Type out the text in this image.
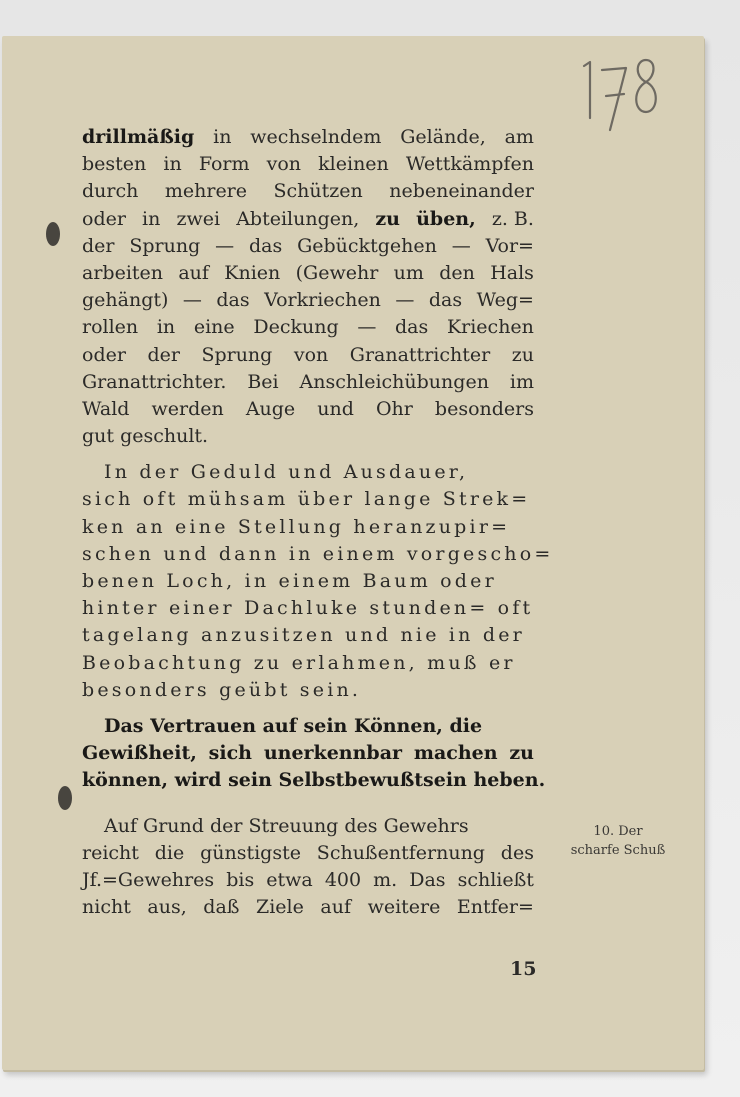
drillmäßig in wechselndem Gelände, am
besten in Form von kleinen Wettkämpfen
durch mehrere Schützen nebeneinander
oder in zwei Abteilungen, zu üben, z. B.
der Sprung — das Gebücktgehen — Vor=
arbeiten auf Knien (Gewehr um den Hals
gehängt) — das Vorkriechen — das Weg=
rollen in eine Deckung — das Kriechen
oder der Sprung von Granattrichter zu
Granattrichter. Bei Anschleichübungen im
Wald werden Auge und Ohr besonders
gut geschult.
In der Geduld und Ausdauer,
sich oft mühsam über lange Strek=
ken an eine Stellung heranzupir=
schen und dann in einem vorgescho=
benen Loch, in einem Baum oder
hinter einer Dachluke stunden= oft
tagelang anzusitzen und nie in der
Beobachtung zu erlahmen, muß er
besonders geübt sein.
Das Vertrauen auf sein Können, die
Gewißheit, sich unerkennbar machen zu
können, wird sein Selbstbewußtsein heben.
Auf Grund der Streuung des Gewehrs
reicht die günstigste Schußentfernung des
Jf.=Gewehres bis etwa 400 m. Das schließt
nicht aus, daß Ziele auf weitere Entfer=
10. Der
scharfe Schuß
15
